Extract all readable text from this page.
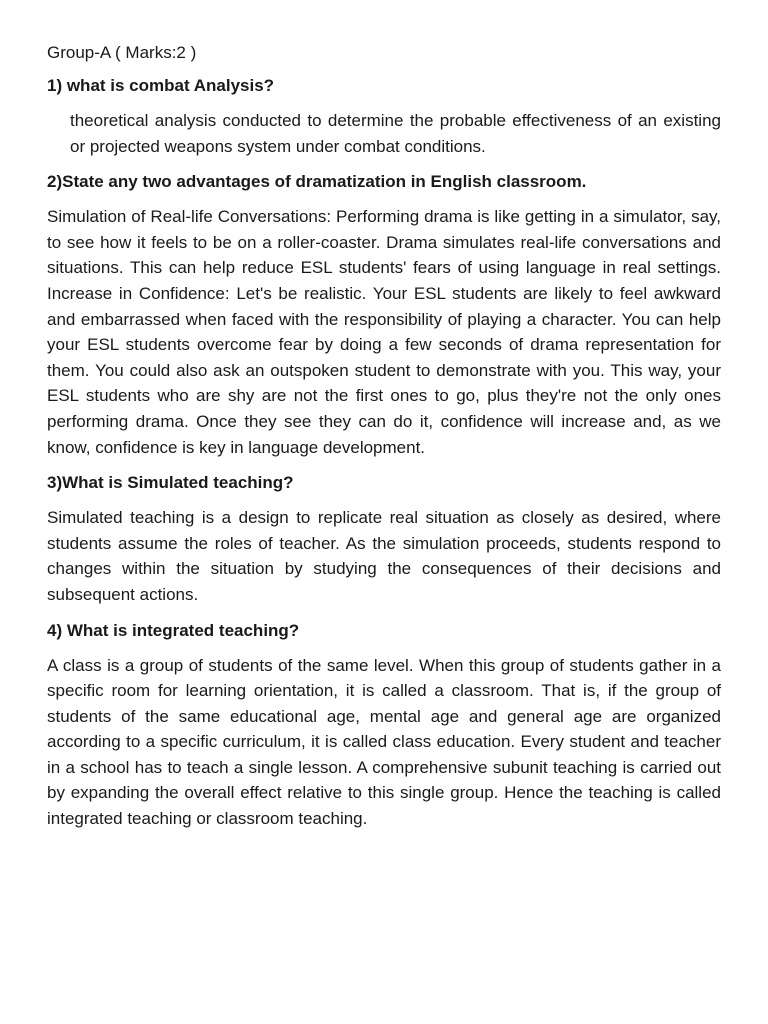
Group-A ( Marks:2 )
1) what is combat Analysis?
theoretical analysis conducted to determine the probable effectiveness of an existing or projected weapons system under combat conditions.
2)State any two advantages of dramatization in English classroom.
Simulation of Real-life Conversations: Performing drama is like getting in a simulator, say, to see how it feels to be on a roller-coaster. Drama simulates real-life conversations and situations. This can help reduce ESL students' fears of using language in real settings. Increase in Confidence: Let's be realistic. Your ESL students are likely to feel awkward and embarrassed when faced with the responsibility of playing a character. You can help your ESL students overcome fear by doing a few seconds of drama representation for them. You could also ask an outspoken student to demonstrate with you. This way, your ESL students who are shy are not the first ones to go, plus they're not the only ones performing drama. Once they see they can do it, confidence will increase and, as we know, confidence is key in language development.
3)What is Simulated teaching?
Simulated teaching is a design to replicate real situation as closely as desired, where students assume the roles of teacher. As the simulation proceeds, students respond to changes within the situation by studying the consequences of their decisions and subsequent actions.
4) What is integrated teaching?
A class is a group of students of the same level. When this group of students gather in a specific room for learning orientation, it is called a classroom. That is, if the group of students of the same educational age, mental age and general age are organized according to a specific curriculum, it is called class education. Every student and teacher in a school has to teach a single lesson. A comprehensive subunit teaching is carried out by expanding the overall effect relative to this single group. Hence the teaching is called integrated teaching or classroom teaching.
